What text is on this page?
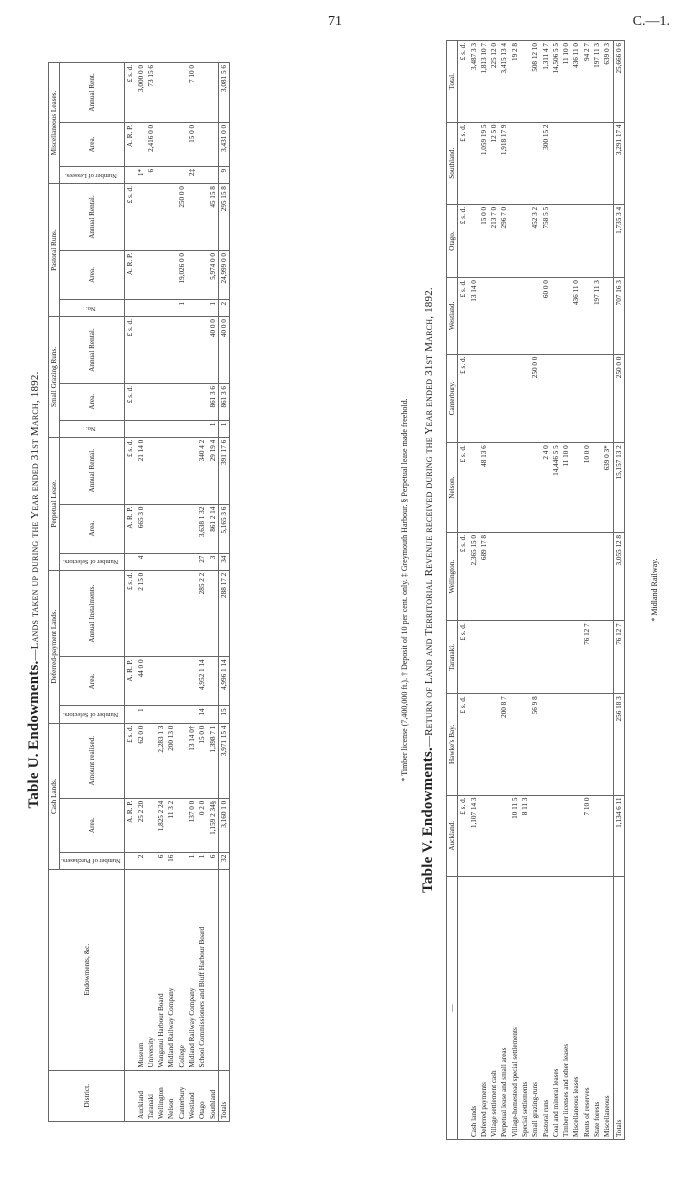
71	C.—1.
Table U. Endowments.—Lands taken up during the Year ended 31st March, 1892.
District.	Endowments, &c.	Cash Lands.			Deferred-payment Lands.			Perpetual Lease.			Small Grazing Runs.			Pastoral Runs.			Miscellaneous Leases.		
		Number of Purchasers.	Area.	Amount realised.	Number of Selectors.	Area.	Annual Instalments.	Number of Selectors.	Area.	Annual Rental.	No.	Area.	Annual Rental.	No.	Area.	Annual Rental.	Number of Lessees.	Area.	Annual Rent.
			A. R. P.	£ s. d.		A. R. P.	£ s. d.		A. R. P.	£ s. d.		£ s. d.	£ s. d.		A. R. P.	£ s. d.		A. R. P.	£ s. d.
Auckland	Museum	2	25 2 20	62 0 0	1	44 0 0	2 15 0	4	665 3 0	21 14 0							1*		3,000 0 0
Taranaki	University																6	2,416 0 0	73 15 6
Wellington	Wanganui Harbour Board	6	1,825 2 24	2,283 1 3															
Nelson	Midland Railway Company	16	11 3 2	200 13 0															
Canterbury	College													1	19,026 0 0	250 0 0			
Westland	Midland Railway Company	1	137 0 0	13 14 0†													2‡	15 0 0	7 10 0
Otago	School Commissioners and Bluff Harbour Board	1	0 2 0	15 0 0	14	4,952 1 14	285 2 2	27	3,638 1 32	340 4 2									
Southland		6	1,159 2 34§	1,398 7 1				3	861 2 14	29 19 4	1	861 3 6	40 0 0	1	5,974 0 0	45 15 8			
Totals		32	3,160 1 0	3,971 15 4	15	4,996 1 14	288 17 2	34	5,165 3 6	391 17 6	1	861 3 6	40 0 0	2	24,999 0 0	295 15 8	9	3,431 0 0	3,081 5 6
* Timber license (7,400,000 ft.). † Deposit of 10 per cent. only. ‡ Greymouth Harbour. § Perpetual lease made freehold.
Table V. Endowments.—Return of Land and Territorial Revenue received during the Year ended 31st March, 1892.
—	Auckland.	Hawke's Bay.	Taranaki.	Wellington.	Nelson.	Canterbury.	Westland.	Otago.	Southland.	Total.
	£ s. d.	£ s. d.	£ s. d.	£ s. d.	£ s. d.	£ s. d.	£ s. d.	£ s. d.	£ s. d.	£ s. d.
Cash lands	1,107 14 3			2,365 15 0			13 14 0			3,487 3 3
Deferred payments				689 17 8	48 13 6			15 0 0	1,059 19 5	1,813 10 7
Village settlement cash								213 7 0	12 5 0	225 12 0
Perpetual lease and small areas		200 8 7						296 7 0	1,918 17 9	3,415 13 4
Village-homestead special settlements	10 11 5									19 2 8
Special settlements	8 11 3									
Small grazing-runs		56 9 8				250 0 0		452 3 2		508 12 10
Pastoral runs					2 4 0		60 0 0	758 5 5	300 15 2	1,311 4 7
Coal and mineral leases					14,446 5 5					14,506 5 5
Timber licenses and other leases					11 10 0					11 10 0
Miscellaneous leases							436 11 0			436 11 0
Rents of reserves	7 10 0		76 12 7		10 0 0					94 2 7
State forests							197 11 3			197 11 3
Miscellaneous					639 0 3*					639 0 3
Totals	1,134 6 11	256 18 3	76 12 7	3,055 12 8	15,157 13 2	250 0 0	707 16 3	1,735 3 4	3,291 17 4	25,666 0 6
* Midland Railway.
